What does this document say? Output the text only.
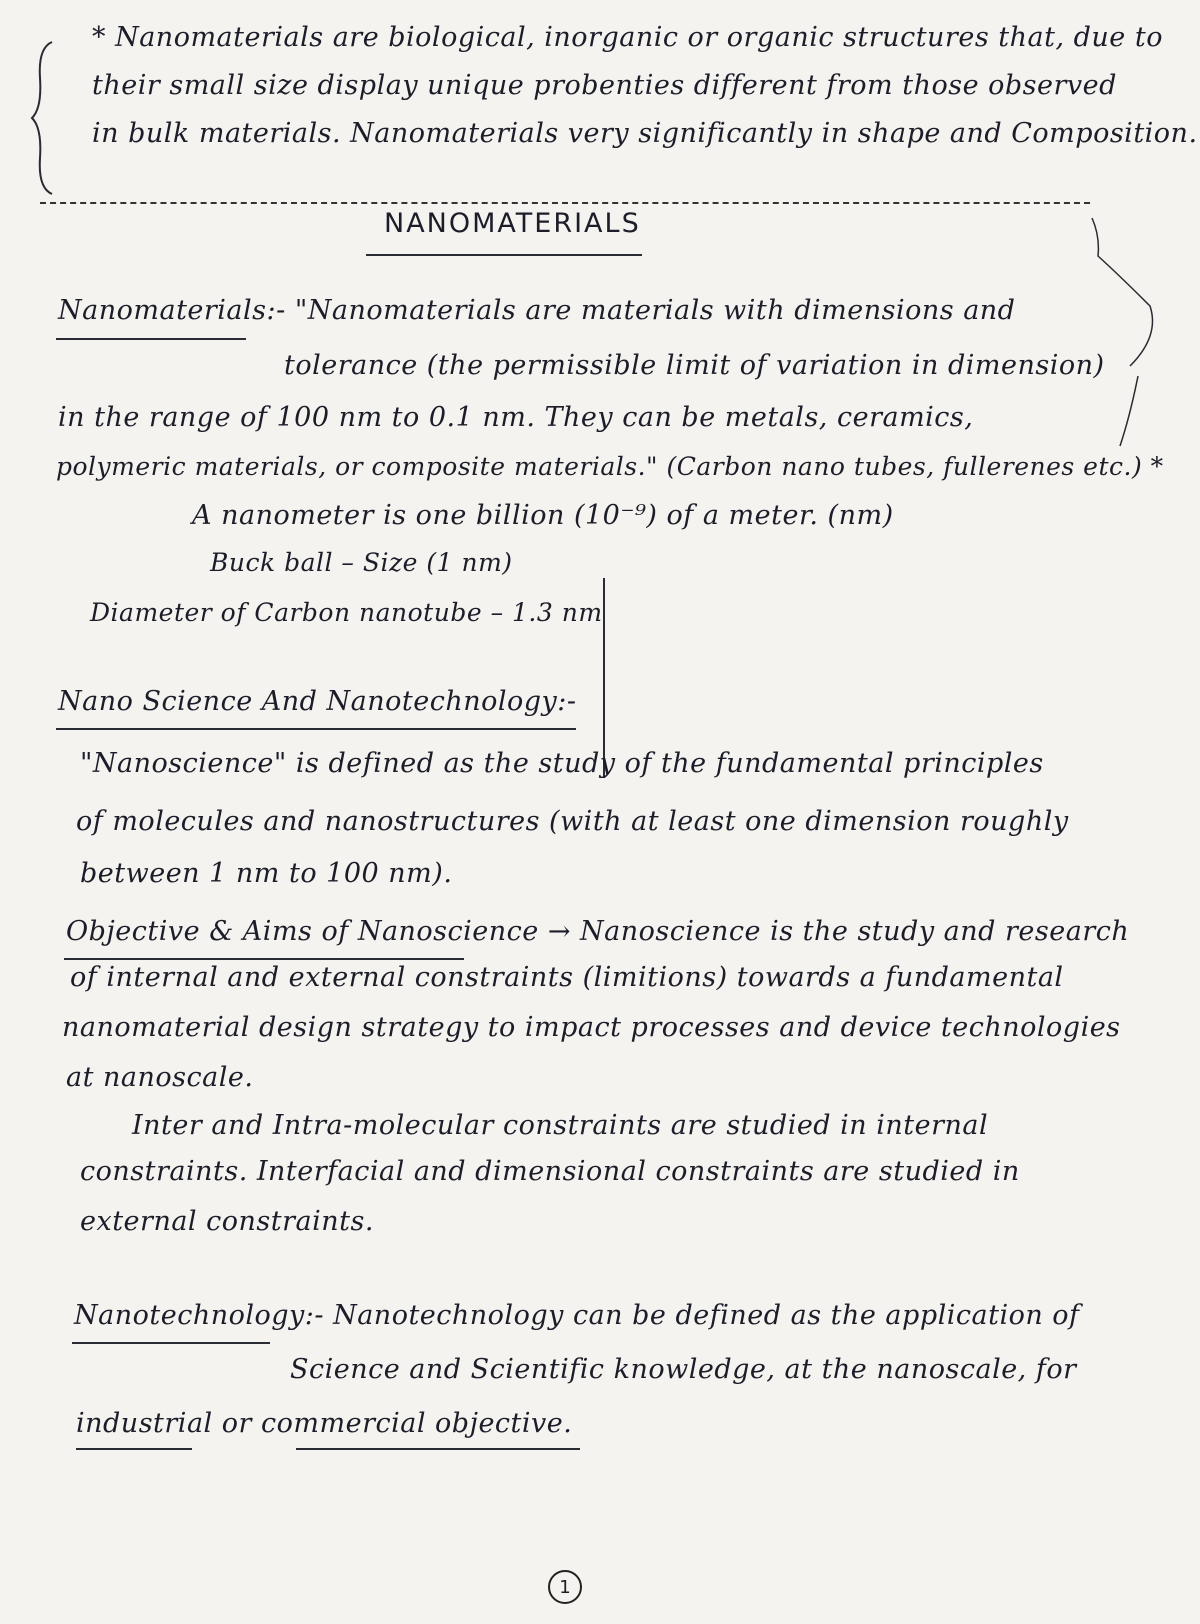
* Nanomaterials are biological, inorganic or organic structures that, due to

their small size display unique probenties different from those observed

in bulk materials. Nanomaterials very significantly in shape and Composition.

NANOMATERIALS

Nanomaterials:- "Nanomaterials are materials with dimensions and

tolerance (the permissible limit of variation in dimension)

in the range of 100 nm to 0.1 nm. They can be metals, ceramics,

polymeric materials, or composite materials." (Carbon nano tubes, fullerenes etc.) *

A nanometer is one billion (10⁻⁹) of a meter. (nm)

Buck ball – Size (1 nm)

Diameter of Carbon nanotube – 1.3 nm

Nano Science And Nanotechnology:-

"Nanoscience" is defined as the study of the fundamental principles

of molecules and nanostructures (with at least one dimension roughly

between 1 nm to 100 nm).

Objective & Aims of Nanoscience → Nanoscience is the study and research

of internal and external constraints (limitions) towards a fundamental

nanomaterial design strategy to impact processes and device technologies

at nanoscale.

Inter and Intra-molecular constraints are studied in internal

constraints. Interfacial and dimensional constraints are studied in

external constraints.

Nanotechnology:- Nanotechnology can be defined as the application of

Science and Scientific knowledge, at the nanoscale, for

industrial or commercial objective.

1
